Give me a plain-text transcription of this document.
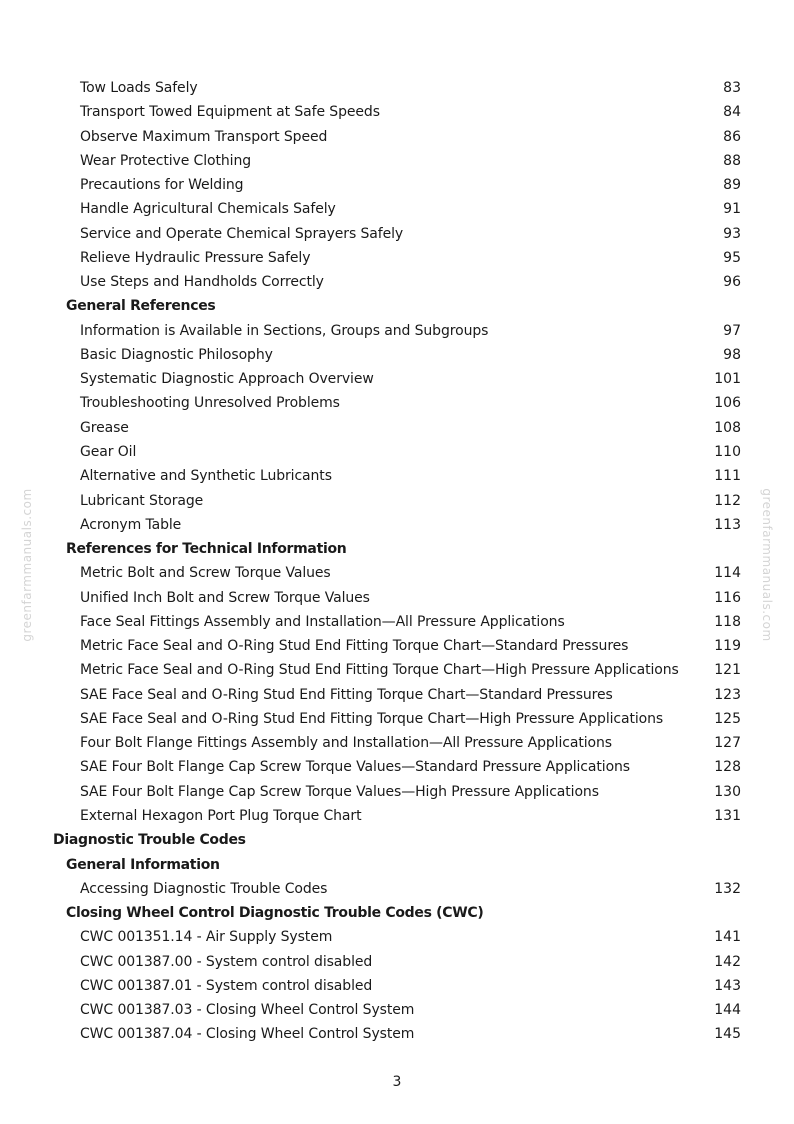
greenfarmmanuals.com	greenfarmmanuals.com
Tow Loads Safely	83
Transport Towed Equipment at Safe Speeds	84
Observe Maximum Transport Speed	86
Wear Protective Clothing	88
Precautions for Welding	89
Handle Agricultural Chemicals Safely	91
Service and Operate Chemical Sprayers Safely	93
Relieve Hydraulic Pressure Safely	95
Use Steps and Handholds Correctly	96
General References
Information is Available in Sections, Groups and Subgroups	97
Basic Diagnostic Philosophy	98
Systematic Diagnostic Approach Overview	101
Troubleshooting Unresolved Problems	106
Grease	108
Gear Oil	110
Alternative and Synthetic Lubricants	111
Lubricant Storage	112
Acronym Table	113
References for Technical Information
Metric Bolt and Screw Torque Values	114
Unified Inch Bolt and Screw Torque Values	116
Face Seal Fittings Assembly and Installation—All Pressure Applications	118
Metric Face Seal and O-Ring Stud End Fitting Torque Chart—Standard Pressures	119
Metric Face Seal and O-Ring Stud End Fitting Torque Chart—High Pressure Applications	121
SAE Face Seal and O-Ring Stud End Fitting Torque Chart—Standard Pressures	123
SAE Face Seal and O-Ring Stud End Fitting Torque Chart—High Pressure Applications	125
Four Bolt Flange Fittings Assembly and Installation—All Pressure Applications	127
SAE Four Bolt Flange Cap Screw Torque Values—Standard Pressure Applications	128
SAE Four Bolt Flange Cap Screw Torque Values—High Pressure Applications	130
External Hexagon Port Plug Torque Chart	131
Diagnostic Trouble Codes
General Information
Accessing Diagnostic Trouble Codes	132
Closing Wheel Control Diagnostic Trouble Codes (CWC)
CWC 001351.14 - Air Supply System	141
CWC 001387.00 - System control disabled	142
CWC 001387.01 - System control disabled	143
CWC 001387.03 - Closing Wheel Control System	144
CWC 001387.04 - Closing Wheel Control System	145
3
